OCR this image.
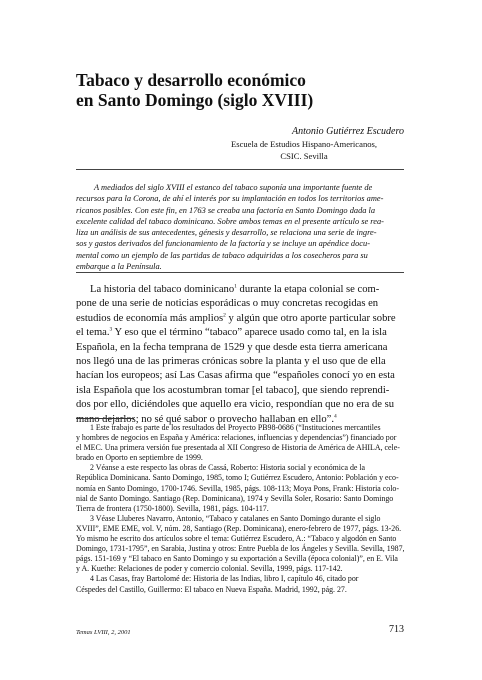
Tabaco y desarrollo económico
en Santo Domingo (siglo XVIII)
Antonio Gutiérrez Escudero
Escuela de Estudios Hispano-Americanos,
CSIC. Sevilla
A mediados del siglo XVIII el estanco del tabaco suponía una importante fuente de
recursos para la Corona, de ahí el interés por su implantación en todos los territorios ame-
ricanos posibles. Con este fin, en 1763 se creaba una factoría en Santo Domingo dada la
excelente calidad del tabaco dominicano. Sobre ambos temas en el presente artículo se rea-
liza un análisis de sus antecedentes, génesis y desarrollo, se relaciona una serie de ingre-
sos y gastos derivados del funcionamiento de la factoría y se incluye un apéndice docu-
mental como un ejemplo de las partidas de tabaco adquiridas a los cosecheros para su
embarque a la Península.
La historia del tabaco dominicano$^1$ durante la etapa colonial se com-
pone de una serie de noticias esporádicas o muy concretas recogidas en
estudios de economía más amplios$^2$ y algún que otro aporte particular sobre
el tema.$^3$ Y eso que el término “tabaco” aparece usado como tal, en la isla
Española, en la fecha temprana de 1529 y que desde esta tierra americana
nos llegó una de las primeras crónicas sobre la planta y el uso que de ella
hacían los europeos; así Las Casas afirma que “españoles conocí yo en esta
isla Española que los acostumbran tomar [el tabaco], que siendo reprendi-
dos por ello, diciéndoles que aquello era vicio, respondían que no era de su
mano dejarlos; no sé qué sabor o provecho hallaban en ello”.$^4$
1 Este trabajo es parte de los resultados del Proyecto PB98-0686 (“Instituciones mercantiles
y hombres de negocios en España y América: relaciones, influencias y dependencias”) financiado por
el MEC. Una primera versión fue presentada al XII Congreso de Historia de América de AHILA, cele-
brado en Oporto en septiembre de 1999.
2 Véanse a este respecto las obras de Cassá, Roberto: Historia social y económica de la
República Dominicana. Santo Domingo, 1985, tomo I; Gutiérrez Escudero, Antonio: Población y eco-
nomía en Santo Domingo, 1700-1746. Sevilla, 1985, págs. 108-113; Moya Pons, Frank: Historia colo-
nial de Santo Domingo. Santiago (Rep. Dominicana), 1974 y Sevilla Soler, Rosario: Santo Domingo
Tierra de frontera (1750-1800). Sevilla, 1981, págs. 104-117.
3 Véase Lluberes Navarro, Antonio, “Tabaco y catalanes en Santo Domingo durante el siglo
XVIII”, EME EME, vol. V, núm. 28, Santiago (Rep. Dominicana), enero-febrero de 1977, págs. 13-26.
Yo mismo he escrito dos artículos sobre el tema: Gutiérrez Escudero, A.: “Tabaco y algodón en Santo
Domingo, 1731-1795”, en Sarabia, Justina y otros: Entre Puebla de los Ángeles y Sevilla. Sevilla, 1987,
págs. 151-169 y “El tabaco en Santo Domingo y su exportación a Sevilla (época colonial)”, en E. Vila
y A. Kuethe: Relaciones de poder y comercio colonial. Sevilla, 1999, págs. 117-142.
4 Las Casas, fray Bartolomé de: Historia de las Indias, libro I, capítulo 46, citado por
Céspedes del Castillo, Guillermo: El tabaco en Nueva España. Madrid, 1992, pág. 27.
Temas LVIII, 2, 2001	713
